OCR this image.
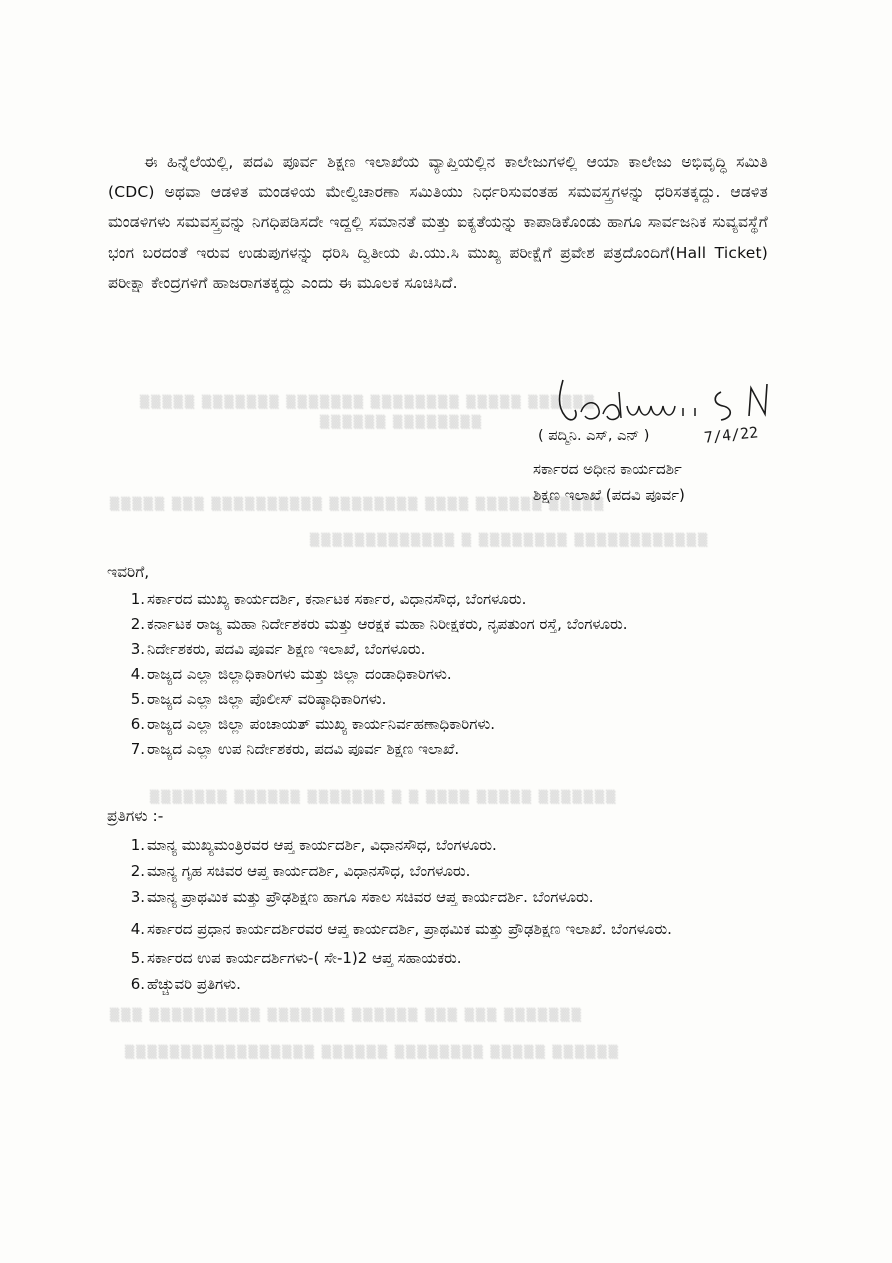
▒▒▒▒▒ ▒▒▒▒▒▒▒ ▒▒▒▒▒▒▒ ▒▒▒▒▒▒▒▒ ▒▒▒▒▒ ▒▒▒▒▒▒
▒▒▒▒▒▒ ▒▒▒▒▒▒▒▒
▒▒▒▒▒ ▒▒▒ ▒▒▒▒▒▒▒▒▒▒ ▒▒▒▒▒▒▒▒ ▒▒▒▒ ▒▒▒▒▒▒ ▒▒▒▒▒
▒▒▒▒▒▒▒▒▒▒▒▒▒ ▒ ▒▒▒▒▒▒▒▒ ▒▒▒▒▒▒▒▒▒▒▒▒
▒▒▒▒▒▒▒ ▒▒▒▒▒▒ ▒▒▒▒▒▒▒ ▒ ▒ ▒▒▒▒ ▒▒▒▒▒ ▒▒▒▒▒▒▒
▒▒▒ ▒▒▒▒▒▒▒▒▒▒ ▒▒▒▒▒▒▒ ▒▒▒▒▒▒ ▒▒▒ ▒▒▒ ▒▒▒▒▒▒▒
▒▒▒▒▒▒▒▒▒▒▒▒▒▒▒▒▒ ▒▒▒▒▒▒ ▒▒▒▒▒▒▒▒ ▒▒▒▒▒ ▒▒▒▒▒▒
ಈ ಹಿನ್ನೆಲೆಯಲ್ಲಿ, ಪದವಿ ಪೂರ್ವ ಶಿಕ್ಷಣ ಇಲಾಖೆಯ ವ್ಯಾಪ್ತಿಯಲ್ಲಿನ ಕಾಲೇಜುಗಳಲ್ಲಿ ಆಯಾ ಕಾಲೇಜು ಅಭಿವೃದ್ಧಿ ಸಮಿತಿ (CDC) ಅಥವಾ ಆಡಳಿತ ಮಂಡಳಿಯ ಮೇಲ್ವಿಚಾರಣಾ ಸಮಿತಿಯು ನಿರ್ಧರಿಸುವಂತಹ ಸಮವಸ್ತ್ರಗಳನ್ನು ಧರಿಸತಕ್ಕದ್ದು. ಆಡಳಿತ ಮಂಡಳಿಗಳು ಸಮವಸ್ತ್ರವನ್ನು ನಿಗಧಿಪಡಿಸದೇ ಇದ್ದಲ್ಲಿ ಸಮಾನತೆ ಮತ್ತು ಐಕ್ಯತೆಯನ್ನು ಕಾಪಾಡಿಕೊಂಡು ಹಾಗೂ ಸಾರ್ವಜನಿಕ ಸುವ್ಯವಸ್ಥೆಗೆ ಭಂಗ ಬರದಂತೆ ಇರುವ ಉಡುಪುಗಳನ್ನು ಧರಿಸಿ ದ್ವಿತೀಯ ಪಿ.ಯು.ಸಿ ಮುಖ್ಯ ಪರೀಕ್ಷೆಗೆ ಪ್ರವೇಶ ಪತ್ರದೊಂದಿಗೆ(Hall Ticket) ಪರೀಕ್ಷಾ ಕೇಂದ್ರಗಳಿಗೆ ಹಾಜರಾಗತಕ್ಕದ್ದು ಎಂದು ಈ ಮೂಲಕ ಸೂಚಿಸಿದೆ.
( ಪದ್ಮಿನಿ. ಎಸ್, ಎನ್ )	7/4/22
ಸರ್ಕಾರದ ಅಧೀನ ಕಾರ್ಯದರ್ಶಿ
ಶಿಕ್ಷಣ ಇಲಾಖೆ (ಪದವಿ ಪೂರ್ವ)
ಇವರಿಗೆ,
1. ಸರ್ಕಾರದ ಮುಖ್ಯ ಕಾರ್ಯದರ್ಶಿ, ಕರ್ನಾಟಕ ಸರ್ಕಾರ, ವಿಧಾನಸೌಧ, ಬೆಂಗಳೂರು.
2. ಕರ್ನಾಟಕ ರಾಜ್ಯ ಮಹಾ ನಿರ್ದೇಶಕರು ಮತ್ತು ಆರಕ್ಷಕ ಮಹಾ ನಿರೀಕ್ಷಕರು, ನೃಪತುಂಗ ರಸ್ತೆ, ಬೆಂಗಳೂರು.
3. ನಿರ್ದೇಶಕರು, ಪದವಿ ಪೂರ್ವ ಶಿಕ್ಷಣ ಇಲಾಖೆ, ಬೆಂಗಳೂರು.
4. ರಾಜ್ಯದ ಎಲ್ಲಾ ಜಿಲ್ಲಾಧಿಕಾರಿಗಳು ಮತ್ತು ಜಿಲ್ಲಾ ದಂಡಾಧಿಕಾರಿಗಳು.
5. ರಾಜ್ಯದ ಎಲ್ಲಾ ಜಿಲ್ಲಾ ಪೊಲೀಸ್ ವರಿಷ್ಠಾಧಿಕಾರಿಗಳು.
6. ರಾಜ್ಯದ ಎಲ್ಲಾ ಜಿಲ್ಲಾ ಪಂಚಾಯತ್ ಮುಖ್ಯ ಕಾರ್ಯನಿರ್ವಹಣಾಧಿಕಾರಿಗಳು.
7. ರಾಜ್ಯದ ಎಲ್ಲಾ ಉಪ ನಿರ್ದೇಶಕರು, ಪದವಿ ಪೂರ್ವ ಶಿಕ್ಷಣ ಇಲಾಖೆ.
ಪ್ರತಿಗಳು :-
1. ಮಾನ್ಯ ಮುಖ್ಯಮಂತ್ರಿರವರ ಆಪ್ತ ಕಾರ್ಯದರ್ಶಿ, ವಿಧಾನಸೌಧ, ಬೆಂಗಳೂರು.
2. ಮಾನ್ಯ ಗೃಹ ಸಚಿವರ ಆಪ್ತ ಕಾರ್ಯದರ್ಶಿ, ವಿಧಾನಸೌಧ, ಬೆಂಗಳೂರು.
3. ಮಾನ್ಯ ಪ್ರಾಥಮಿಕ ಮತ್ತು ಪ್ರೌಢಶಿಕ್ಷಣ ಹಾಗೂ ಸಕಾಲ ಸಚಿವರ ಆಪ್ತ ಕಾರ್ಯದರ್ಶಿ. ಬೆಂಗಳೂರು.
4. ಸರ್ಕಾರದ ಪ್ರಧಾನ ಕಾರ್ಯದರ್ಶಿರವರ ಆಪ್ತ ಕಾರ್ಯದರ್ಶಿ, ಪ್ರಾಥಮಿಕ ಮತ್ತು ಪ್ರೌಢಶಿಕ್ಷಣ ಇಲಾಖೆ. ಬೆಂಗಳೂರು.
5. ಸರ್ಕಾರದ ಉಪ ಕಾರ್ಯದರ್ಶಿಗಳು-( ಸೇ-1)2 ಆಪ್ತ ಸಹಾಯಕರು.
6. ಹೆಚ್ಚುವರಿ ಪ್ರತಿಗಳು.
